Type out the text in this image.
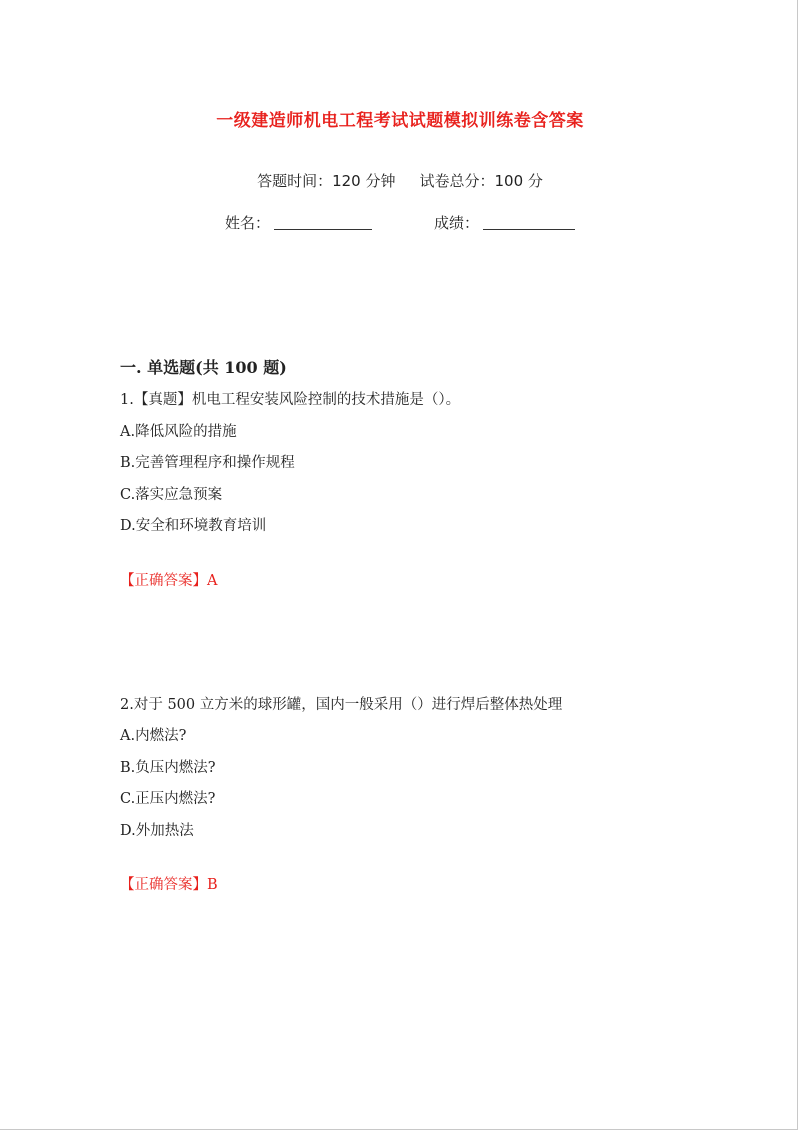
一级建造师机电工程考试试题模拟训练卷含答案
答题时间：120 分钟 试卷总分：100 分
姓名：	成绩：
一. 单选题(共 100 题)
1.【真题】机电工程安装风险控制的技术措施是（）。
A.降低风险的措施
B.完善管理程序和操作规程
C.落实应急预案
D.安全和环境教育培训
【正确答案】A
2.对于 500 立方米的球形罐，国内一般采用（）进行焊后整体热处理
A.内燃法?
B.负压内燃法?
C.正压内燃法?
D.外加热法
【正确答案】B
